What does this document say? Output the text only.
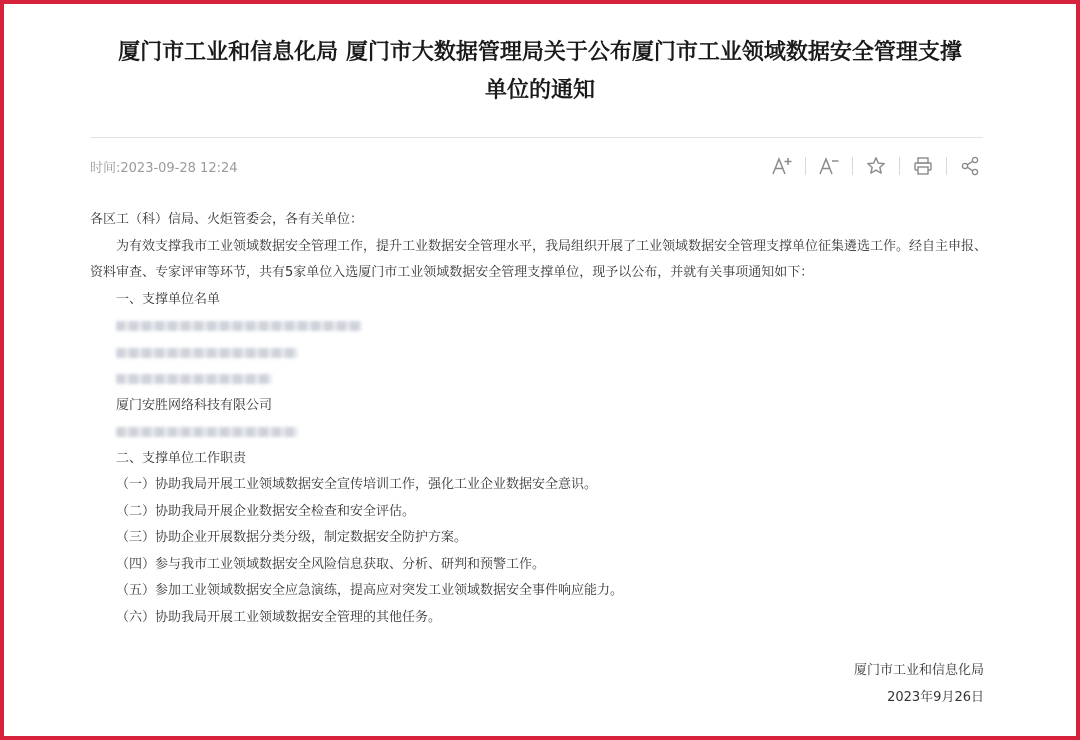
厦门市工业和信息化局 厦门市大数据管理局关于公布厦门市工业领域数据安全管理支撑
单位的通知
时间:2023-09-28 12:24

各区工（科）信局、火炬管委会，各有关单位：

为有效支撑我市工业领域数据安全管理工作，提升工业数据安全管理水平，我局组织开展了工业领域数据安全管理支撑单位征集遴选工作。经自主申报、资料审查、专家评审等环节，共有5家单位入选厦门市工业领域数据安全管理支撑单位，现予以公布，并就有关事项通知如下：

一、支撑单位名单

厦门安胜网络科技有限公司

二、支撑单位工作职责

（一）协助我局开展工业领域数据安全宣传培训工作，强化工业企业数据安全意识。

（二）协助我局开展企业数据安全检查和安全评估。

（三）协助企业开展数据分类分级，制定数据安全防护方案。

（四）参与我市工业领域数据安全风险信息获取、分析、研判和预警工作。

（五）参加工业领域数据安全应急演练，提高应对突发工业领域数据安全事件响应能力。

（六）协助我局开展工业领域数据安全管理的其他任务。

厦门市工业和信息化局
2023年9月26日
